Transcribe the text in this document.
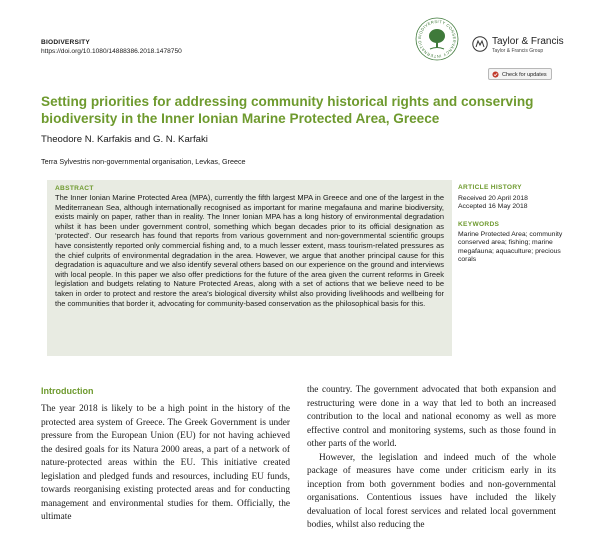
BIODIVERSITY
https://doi.org/10.1080/14888386.2018.1478750
BIODIVERSITY CONSERVANCY INTERNATIO	Taylor & Francis
Taylor & Francis Group
Check for updates
Setting priorities for addressing community historical rights and conserving biodiversity in the Inner Ionian Marine Protected Area, Greece
Theodore N. Karfakis and G. N. Karfaki
Terra Sylvestris non-governmental organisation, Levkas, Greece
ABSTRACT
The Inner Ionian Marine Protected Area (MPA), currently the fifth largest MPA in Greece and one of the largest in the Mediterranean Sea, although internationally recognised as important for marine megafauna and marine biodiversity, exists mainly on paper, rather than in reality. The Inner Ionian MPA has a long history of environmental degradation whilst it has been under government control, something which began decades prior to its official designation as ‘protected’. Our research has found that reports from various government and non-governmental scientific groups have consistently reported only commercial fishing and, to a much lesser extent, mass tourism-related pressures as the chief culprits of environmental degradation in the area. However, we argue that another principal cause for this degradation is aquaculture and we also identify several others based on our experience on the ground and interviews with local people. In this paper we also offer predictions for the future of the area given the current reforms in Greek legislation and budgets relating to Nature Protected Areas, along with a set of actions that we believe need to be taken in order to protect and restore the area’s biological diversity whilst also providing livelihoods and wellbeing for the communities that border it, advocating for community-based conservation as the philosophical basis for this.
ARTICLE HISTORY
Received 20 April 2018
Accepted 16 May 2018
KEYWORDS
Marine Protected Area; community conserved area; fishing; marine megafauna; aquaculture; precious corals
Introduction

The year 2018 is likely to be a high point in the history of the protected area system of Greece. The Greek Government is under pressure from the European Union (EU) for not having achieved the desired goals for its Natura 2000 areas, a part of a network of nature-protected areas within the EU. This initiative created legislation and pledged funds and resources, including EU funds, towards reorganising existing protected areas and for conducting management and environmental studies for them. Officially, the ultimate

the country. The government advocated that both expansion and restructuring were done in a way that led to both an increased contribution to the local and national economy as well as more effective control and monitoring systems, such as those found in other parts of the world.

However, the legislation and indeed much of the whole package of measures have come under criticism early in its inception from both government bodies and non-governmental organisations. Contentious issues have included the likely devaluation of local forest services and related local government bodies, whilst also reducing the
